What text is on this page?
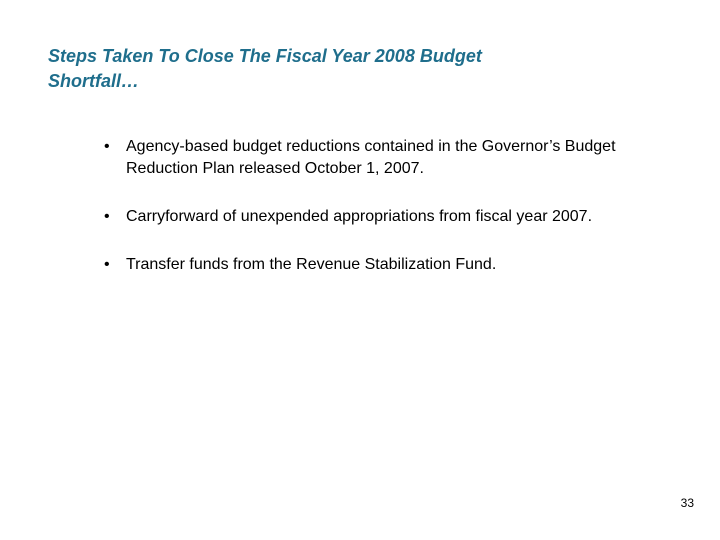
Steps Taken To Close The Fiscal Year 2008 Budget
Shortfall…
• Agency-based budget reductions contained in the Governor’s Budget Reduction Plan released October 1, 2007.
• Carryforward of unexpended appropriations from fiscal year 2007.
• Transfer funds from the Revenue Stabilization Fund.
33
